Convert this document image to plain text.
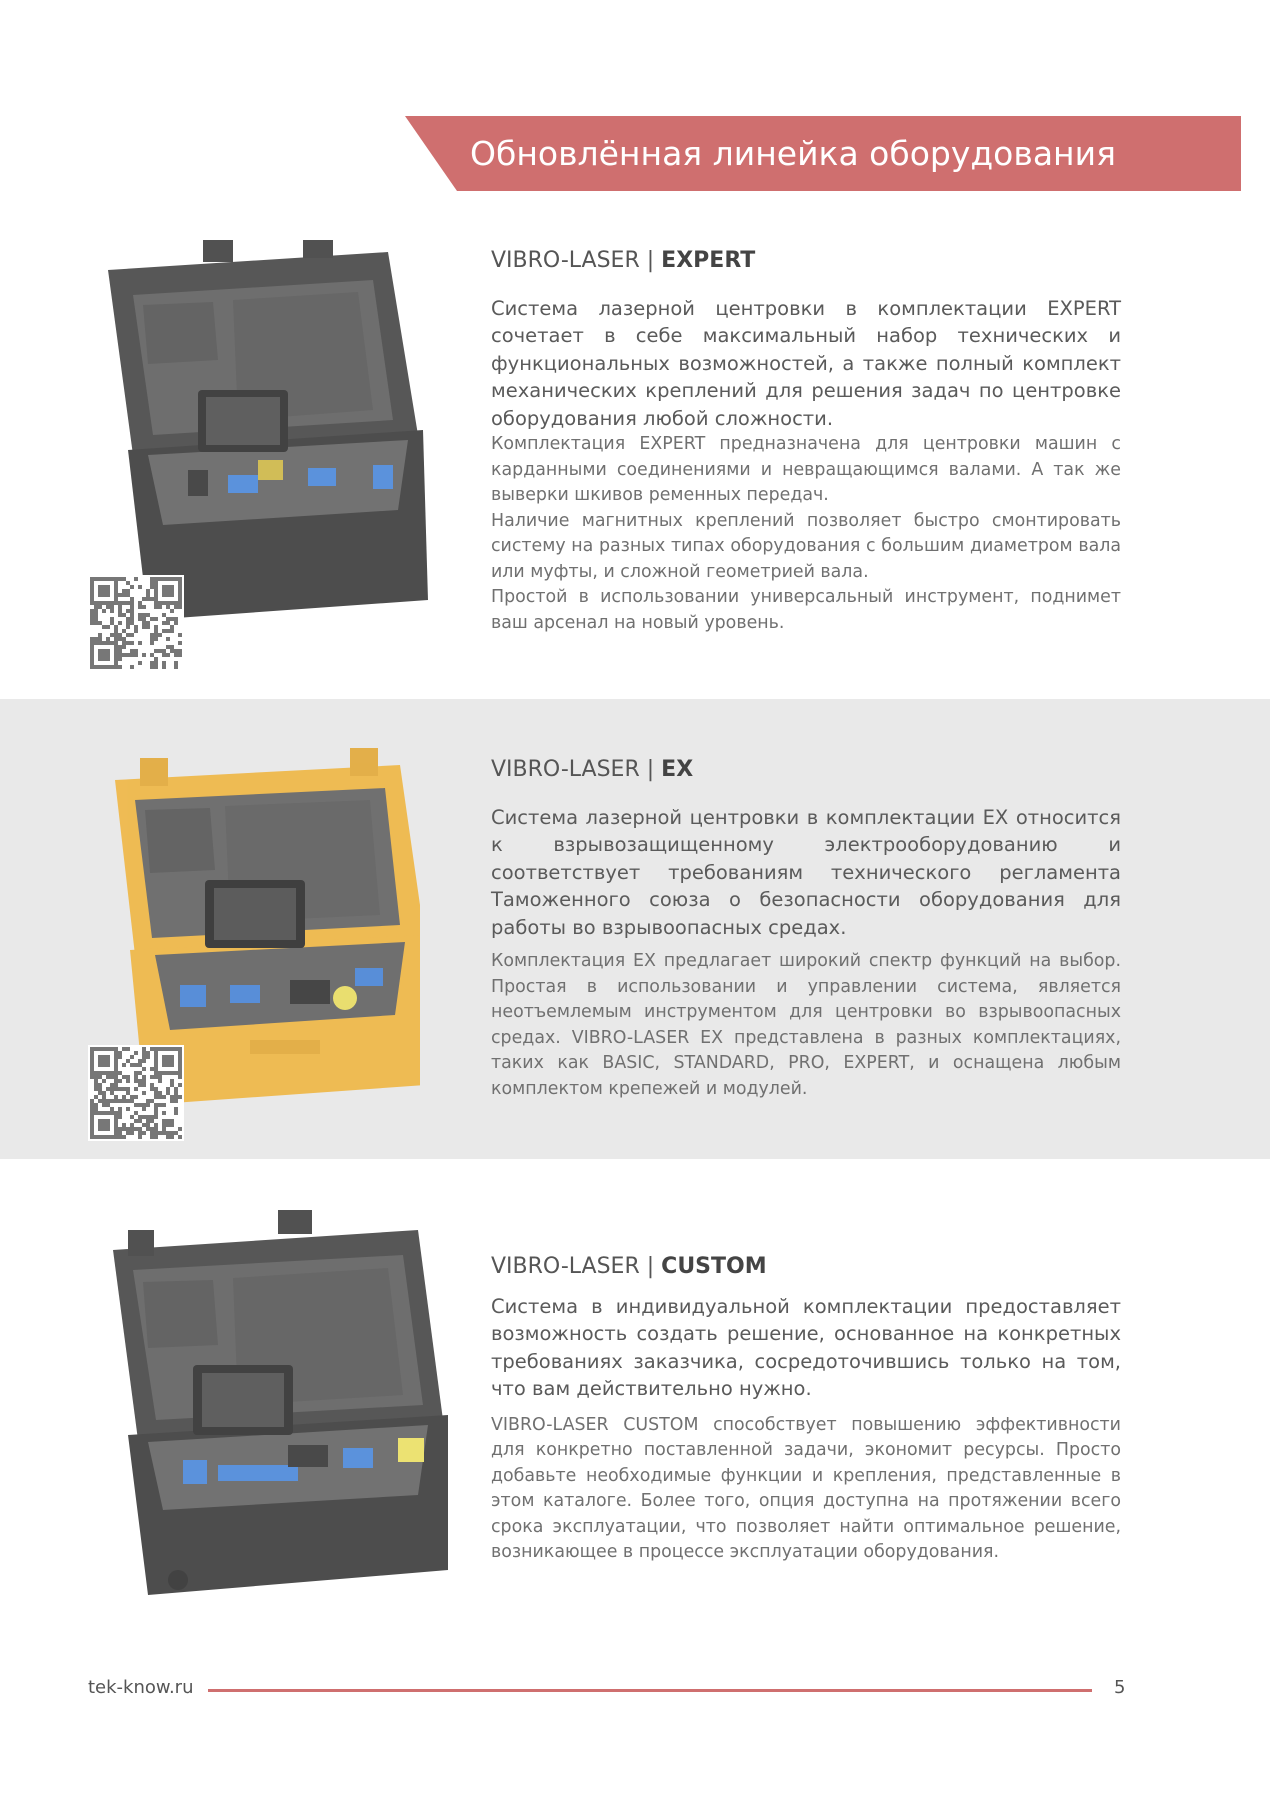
Обновлённая линейка оборудования
VIBRO-LASER | EXPERT
Система лазерной центровки в комплектации EXPERT сочетает в себе максимальный набор технических и функциональных возможностей, а также полный комплект механических креплений для решения задач по центровке оборудования любой сложности.
Комплектация EXPERT предназначена для центровки машин с карданными соединениями и невращающимся валами. А так же выверки шкивов ременных передач.
Наличие магнитных креплений позволяет быстро смонтировать систему на разных типах оборудования с большим диаметром вала или муфты, и сложной геометрией вала.
Простой в использовании универсальный инструмент, поднимет ваш арсенал на новый уровень.
VIBRO-LASER | EX
Система лазерной центровки в комплектации EX относится к взрывозащищенному электрооборудованию и соответствует требованиям технического регламента Таможенного союза о безопасности оборудования для работы во взрывоопасных средах.
Комплектация EX предлагает широкий спектр функций на выбор. Простая в использовании и управлении система, является неотъемлемым инструментом для центровки во взрывоопасных средах. VIBRO-LASER EX представлена в разных комплектациях, таких как BASIC, STANDARD, PRO, EXPERT, и оснащена любым комплектом крепежей и модулей.
VIBRO-LASER | CUSTOM
Система в индивидуальной комплектации предоставляет возможность создать решение, основанное на конкретных требованиях заказчика, сосредоточившись только на том, что вам действительно нужно.
VIBRO-LASER CUSTOM способствует повышению эффективности для конкретно поставленной задачи, экономит ресурсы. Просто добавьте необходимые функции и крепления, представленные в этом каталоге. Более того, опция доступна на протяжении всего срока эксплуатации, что позволяет найти оптимальное решение, возникающее в процессе эксплуатации оборудования.
tek-know.ru	5
